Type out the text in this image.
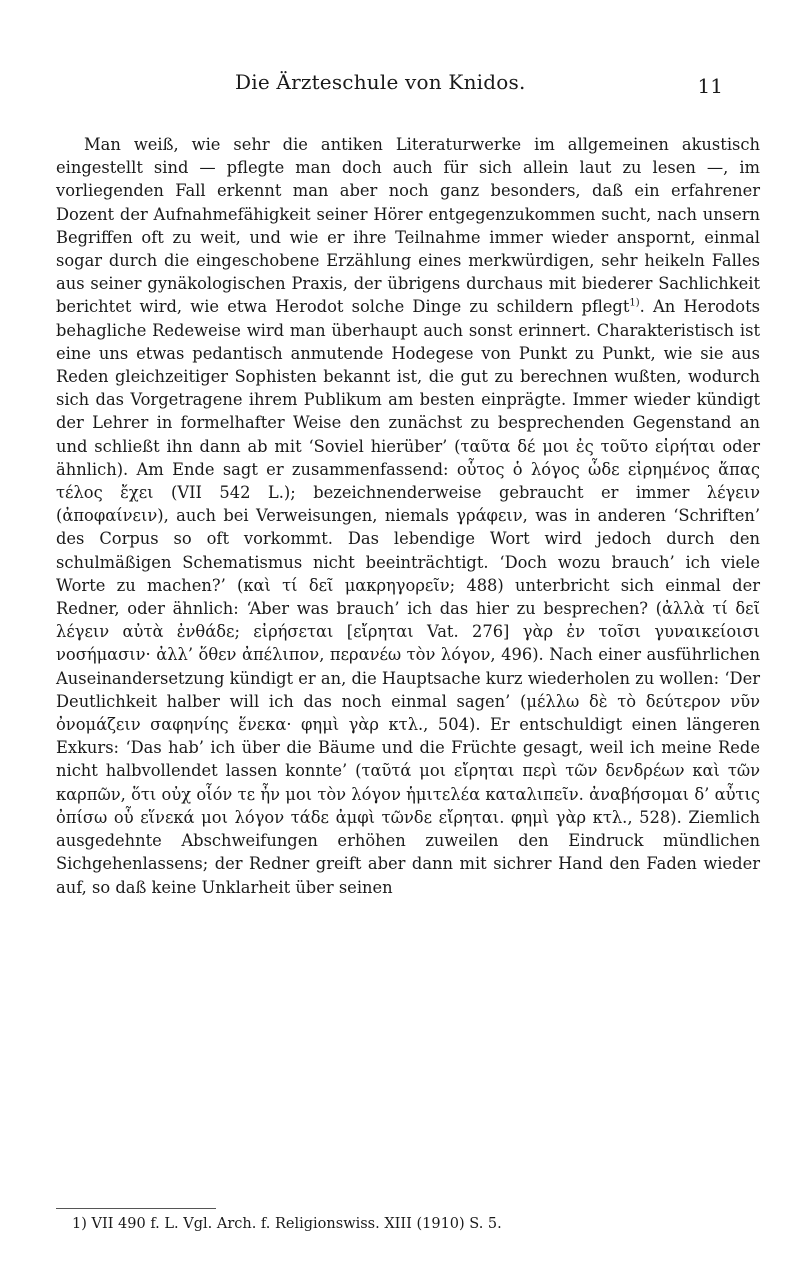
Die Ärzteschule von Knidos.	11

Man weiß, wie sehr die antiken Literaturwerke im allgemeinen akustisch eingestellt sind — pflegte man doch auch für sich allein laut zu lesen —, im vorliegenden Fall erkennt man aber noch ganz besonders, daß ein erfahrener Dozent der Aufnahmefähigkeit seiner Hörer entgegenzukommen sucht, nach unsern Begriffen oft zu weit, und wie er ihre Teilnahme immer wieder anspornt, einmal sogar durch die eingeschobene Erzählung eines merkwürdigen, sehr heikeln Falles aus seiner gynäkologischen Praxis, der übrigens durchaus mit biederer Sachlichkeit berichtet wird, wie etwa Herodot solche Dinge zu schildern pflegt$^{1)}$. An Herodots behagliche Redeweise wird man überhaupt auch sonst erinnert. Charakteristisch ist eine uns etwas pedantisch anmutende Hodegese von Punkt zu Punkt, wie sie aus Reden gleichzeitiger Sophisten bekannt ist, die gut zu berechnen wußten, wodurch sich das Vorgetragene ihrem Publikum am besten einprägte. Immer wieder kündigt der Lehrer in formelhafter Weise den zunächst zu besprechenden Gegenstand an und schließt ihn dann ab mit ‘Soviel hierüber’ (ταῦτα δέ μοι ἐς τοῦτο εἰρήται oder ähnlich). Am Ende sagt er zusammenfassend: οὗτος ὁ λόγος ὧδε εἰρημένος ἅπας τέλος ἔχει (VII 542 L.); bezeichnenderweise gebraucht er immer λέγειν (ἀποφαίνειν), auch bei Verweisungen, niemals γράφειν, was in anderen ‘Schriften’ des Corpus so oft vorkommt. Das lebendige Wort wird jedoch durch den schulmäßigen Schematismus nicht beeinträchtigt. ‘Doch wozu brauch’ ich viele Worte zu machen?’ (καὶ τί δεῖ μακρηγορεῖν; 488) unterbricht sich einmal der Redner, oder ähnlich: ‘Aber was brauch’ ich das hier zu besprechen? (ἀλλὰ τί δεῖ λέγειν αὐτὰ ἐνθάδε; εἰρήσεται [εἴρηται Vat. 276] γὰρ ἐν τοῖσι γυναικείοισι νοσήμασιν· ἀλλ’ ὅθεν ἀπέλιπον, περανέω τὸν λόγον, 496). Nach einer ausführlichen Auseinandersetzung kündigt er an, die Hauptsache kurz wiederholen zu wollen: ‘Der Deutlichkeit halber will ich das noch einmal sagen’ (μέλλω δὲ τὸ δεύτερον νῦν ὀνομάζειν σαφηνίης ἕνεκα· φημὶ γὰρ κτλ., 504). Er entschuldigt einen längeren Exkurs: ‘Das hab’ ich über die Bäume und die Früchte gesagt, weil ich meine Rede nicht halbvollendet lassen konnte’ (ταῦτά μοι εἴρηται περὶ τῶν δενδρέων καὶ τῶν καρπῶν, ὅτι οὐχ οἷόν τε ἦν μοι τὸν λόγον ἡμιτελέα καταλιπεῖν. ἀναβήσομαι δ’ αὖτις ὀπίσω οὗ εἵνεκά μοι λόγον τάδε ἀμφὶ τῶνδε εἴρηται. φημὶ γὰρ κτλ., 528). Ziemlich ausgedehnte Abschweifungen erhöhen zuweilen den Eindruck mündlichen Sichgehenlassens; der Redner greift aber dann mit sichrer Hand den Faden wieder auf, so daß keine Unklarheit über seinen

1) VII 490 f. L. Vgl. Arch. f. Religionswiss. XIII (1910) S. 5.
